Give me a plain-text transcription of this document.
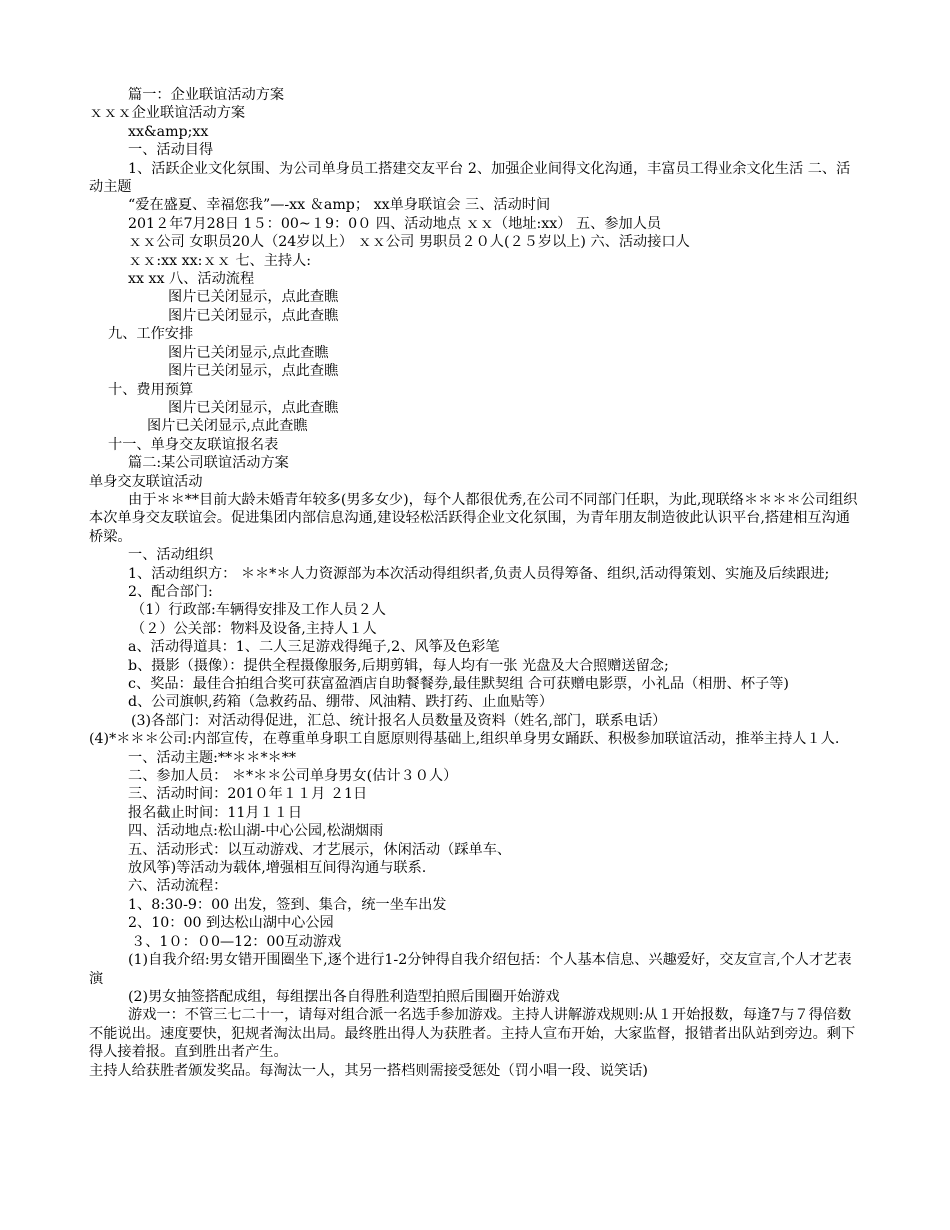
篇一：企业联谊活动方案
ｘｘｘ企业联谊活动方案
xx&amp;xx
一、活动目得
1、活跃企业文化氛围、为公司单身员工搭建交友平台 2、加强企业间得文化沟通，丰富员工得业余文化生活 二、活动主题
“爱在盛夏、幸福您我”—-xx ＆amp； xx单身联谊会 三、活动时间
201２年7月28日 1５：00~１9：0０ 四、活动地点 ｘｘ（地址:xx） 五、参加人员
ｘｘ公司 女职员20人（24岁以上） ｘｘ公司 男职员２０人(２５岁以上) 六、活动接口人
ｘｘ:xx xx:ｘｘ 七、主持人:
xx xx 八、活动流程
图片已关闭显示，点此查瞧
图片已关闭显示，点此查瞧
九、工作安排
图片已关闭显示,点此查瞧
图片已关闭显示，点此查瞧
十、费用预算
图片已关闭显示，点此查瞧
图片已关闭显示,点此查瞧
十一、单身交友联谊报名表
篇二:某公司联谊活动方案
单身交友联谊活动
由于＊＊**目前大龄未婚青年较多(男多女少)，每个人都很优秀,在公司不同部门任职，为此,现联络＊＊＊＊公司组织本次单身交友联谊会。促进集团内部信息沟通,建设轻松活跃得企业文化氛围，为青年朋友制造彼此认识平台,搭建相互沟通桥梁。
一、活动组织
1、活动组织方： ＊＊*＊人力资源部为本次活动得组织者,负责人员得筹备、组织,活动得策划、实施及后续跟进;
2、配合部门:
（1）行政部:车辆得安排及工作人员２人
（２）公关部：物料及设备,主持人１人
a、活动得道具：1、二人三足游戏得绳子,2、风筝及色彩笔
b、摄影（摄像）：提供全程摄像服务,后期剪辑，每人均有一张 光盘及大合照赠送留念;
c、奖品：最佳合拍组合奖可获富盈酒店自助餐餐券,最佳默契组 合可获赠电影票，小礼品（相册、杯子等)
d、公司旗帜,药箱（急救药品、绷带、风油精、跌打药、止血贴等）
(3)各部门：对活动得促进，汇总、统计报名人员数量及资料（姓名,部门，联系电话）
(4)*＊＊＊公司:内部宣传，在尊重单身职工自愿原则得基础上,组织单身男女踊跃、积极参加联谊活动，推举主持人１人.
一、活动主题:**＊＊*＊**
二、参加人员： ＊*＊＊公司单身男女(估计３０人）
三、活动时间：201０年１１月 ２1日
报名截止时间：11月１１日
四、活动地点:松山湖-中心公园,松湖烟雨
五、活动形式：以互动游戏、才艺展示，休闲活动（踩单车、
放风筝)等活动为载体,增强相互间得沟通与联系.
六、活动流程：
1、8:30-9：00 出发，签到、集合，统一坐车出发
2、10：00 到达松山湖中心公园
３、1０：０0—12：00互动游戏
(1)自我介绍:男女错开围圈坐下,逐个进行1-2分钟得自我介绍包括：个人基本信息、兴趣爱好，交友宣言,个人才艺表演
(2)男女抽签搭配成组，每组摆出各自得胜利造型拍照后围圈开始游戏
游戏一：不管三七二十一，请每对组合派一名选手参加游戏。主持人讲解游戏规则:从１开始报数，每逢7与７得倍数不能说出。速度要快，犯规者淘汰出局。最终胜出得人为获胜者。主持人宣布开始，大家监督，报错者出队站到旁边。剩下得人接着报。直到胜出者产生。
主持人给获胜者颁发奖品。每淘汰一人，其另一搭档则需接受惩处（罚小唱一段、说笑话)
